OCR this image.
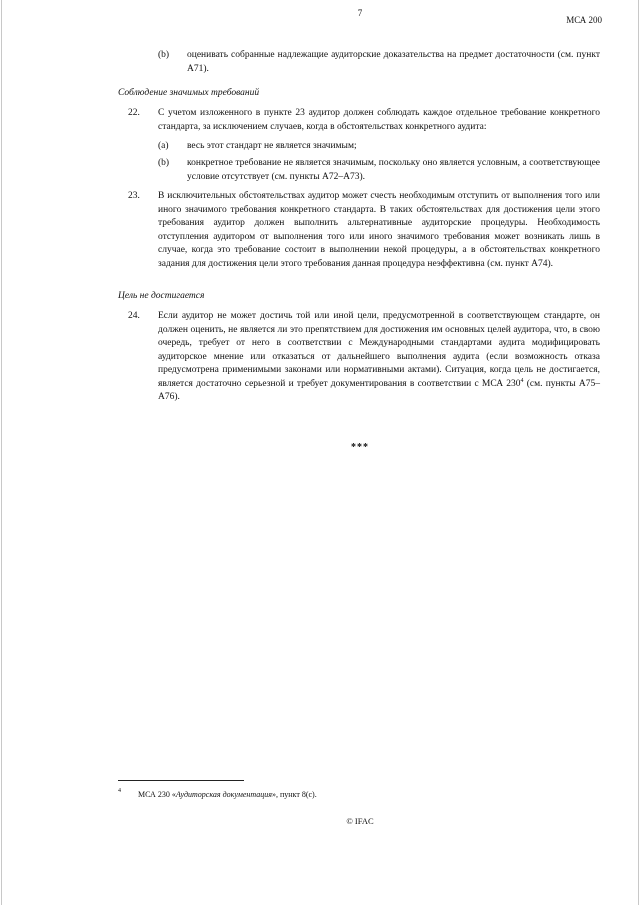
7
МСА 200
(b) оценивать собранные надлежащие аудиторские доказательства на предмет достаточности (см. пункт A71).
Соблюдение значимых требований
22. С учетом изложенного в пункте 23 аудитор должен соблюдать каждое отдельное требование конкретного стандарта, за исключением случаев, когда в обстоятельствах конкретного аудита:
(a) весь этот стандарт не является значимым;
(b) конкретное требование не является значимым, поскольку оно является условным, а соответствующее условие отсутствует (см. пункты A72–A73).
23. В исключительных обстоятельствах аудитор может счесть необходимым отступить от выполнения того или иного значимого требования конкретного стандарта. В таких обстоятельствах для достижения цели этого требования аудитор должен выполнить альтернативные аудиторские процедуры. Необходимость отступления аудитором от выполнения того или иного значимого требования может возникать лишь в случае, когда это требование состоит в выполнении некой процедуры, а в обстоятельствах конкретного задания для достижения цели этого требования данная процедура неэффективна (см. пункт A74).
Цель не достигается
24. Если аудитор не может достичь той или иной цели, предусмотренной в соответствующем стандарте, он должен оценить, не является ли это препятствием для достижения им основных целей аудитора, что, в свою очередь, требует от него в соответствии с Международными стандартами аудита модифицировать аудиторское мнение или отказаться от дальнейшего выполнения аудита (если возможность отказа предусмотрена применимыми законами или нормативными актами). Ситуация, когда цель не достигается, является достаточно серьезной и требует документирования в соответствии с МСА $230^4$ (см. пункты A75–A76).
***
4 МСА 230 «Аудиторская документация», пункт 8(c).
© IFAC
